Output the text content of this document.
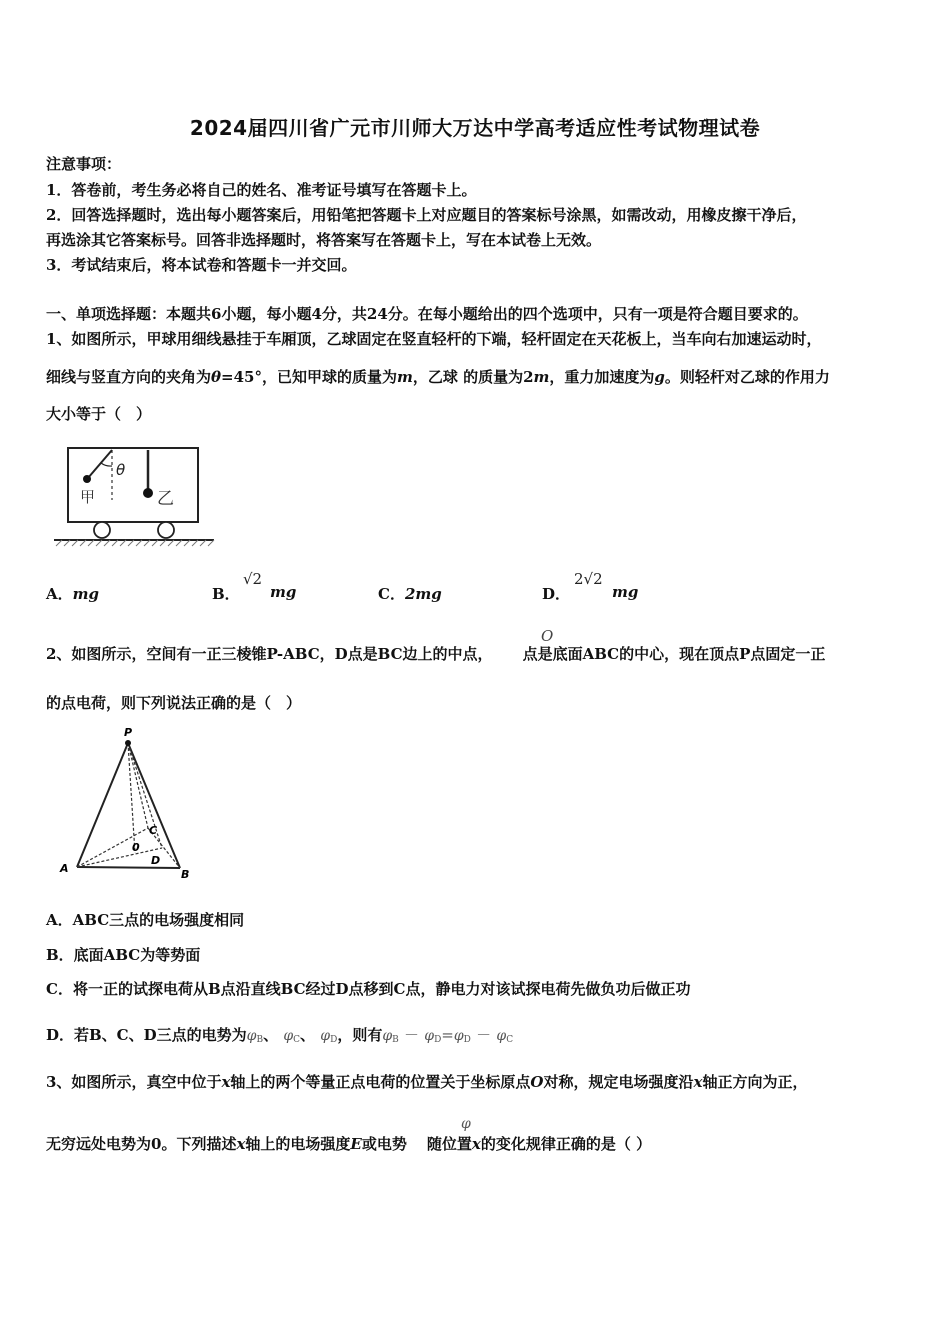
2024届四川省广元市川师大万达中学高考适应性考试物理试卷
注意事项：
1．答卷前，考生务必将自己的姓名、准考证号填写在答题卡上。
2．回答选择题时，选出每小题答案后，用铅笔把答题卡上对应题目的答案标号涂黑，如需改动，用橡皮擦干净后，
再选涂其它答案标号。回答非选择题时，将答案写在答题卡上，写在本试卷上无效。
3．考试结束后，将本试卷和答题卡一并交回。
一、单项选择题：本题共6小题，每小题4分，共24分。在每小题给出的四个选项中，只有一项是符合题目要求的。
1、如图所示，甲球用细线悬挂于车厢顶，乙球固定在竖直轻杆的下端，轻杆固定在天花板上，当车向右加速运动时，
细线与竖直方向的夹角为θ=45°，已知甲球的质量为m，乙球 的质量为2m，重力加速度为g。则轻杆对乙球的作用力
大小等于（　）
θ
甲	乙
A．mg	B．
√2
mg	C．2mg	D．
2√2
mg
2、如图所示，空间有一正三棱锥P-ABC，D点是BC边上的中点， 点是底面ABC的中心，现在顶点P点固定一正
O
的点电荷，则下列说法正确的是（　）
P
A	B
C
0
D
A．ABC三点的电场强度相同
B．底面ABC为等势面
C．将一正的试探电荷从B点沿直线BC经过D点移到C点，静电力对该试探电荷先做负功后做正功
D．若B、C、D三点的电势为$\varphi_B$、 $\varphi_C$、 $\varphi_D$，则有$\varphi_B - \varphi_D=\varphi_D - \varphi_C$
3、如图所示，真空中位于x轴上的两个等量正点电荷的位置关于坐标原点O对称，规定电场强度沿x轴正方向为正，
无穷远处电势为0。下列描述x轴上的电场强度E或电势 随位置x的变化规律正确的是（ ）
φ
